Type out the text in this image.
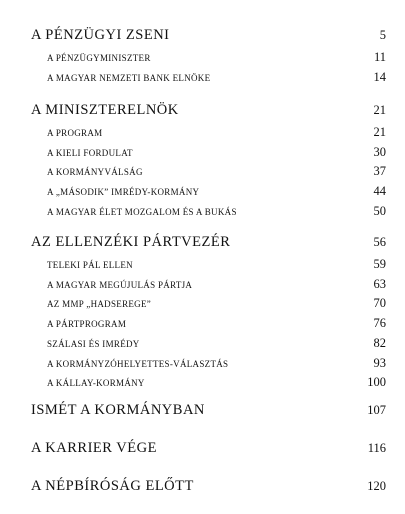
A PÉNZÜGYI ZSENI	5
A PÉNZÜGYMINISZTER	11
A MAGYAR NEMZETI BANK ELNÖKE	14
A MINISZTERELNÖK	21
A PROGRAM	21
A KIELI FORDULAT	30
A KORMÁNYVÁLSÁG	37
A „MÁSODIK” IMRÉDY-KORMÁNY	44
A MAGYAR ÉLET MOZGALOM ÉS A BUKÁS	50
AZ ELLENZÉKI PÁRTVEZÉR	56
TELEKI PÁL ELLEN	59
A MAGYAR MEGÚJULÁS PÁRTJA	63
AZ MMP „HADSEREGE”	70
A PÁRTPROGRAM	76
SZÁLASI ÉS IMRÉDY	82
A KORMÁNYZÓHELYETTES-VÁLASZTÁS	93
A KÁLLAY-KORMÁNY	100
ISMÉT A KORMÁNYBAN	107
A KARRIER VÉGE	116
A NÉPBÍRÓSÁG ELŐTT	120
